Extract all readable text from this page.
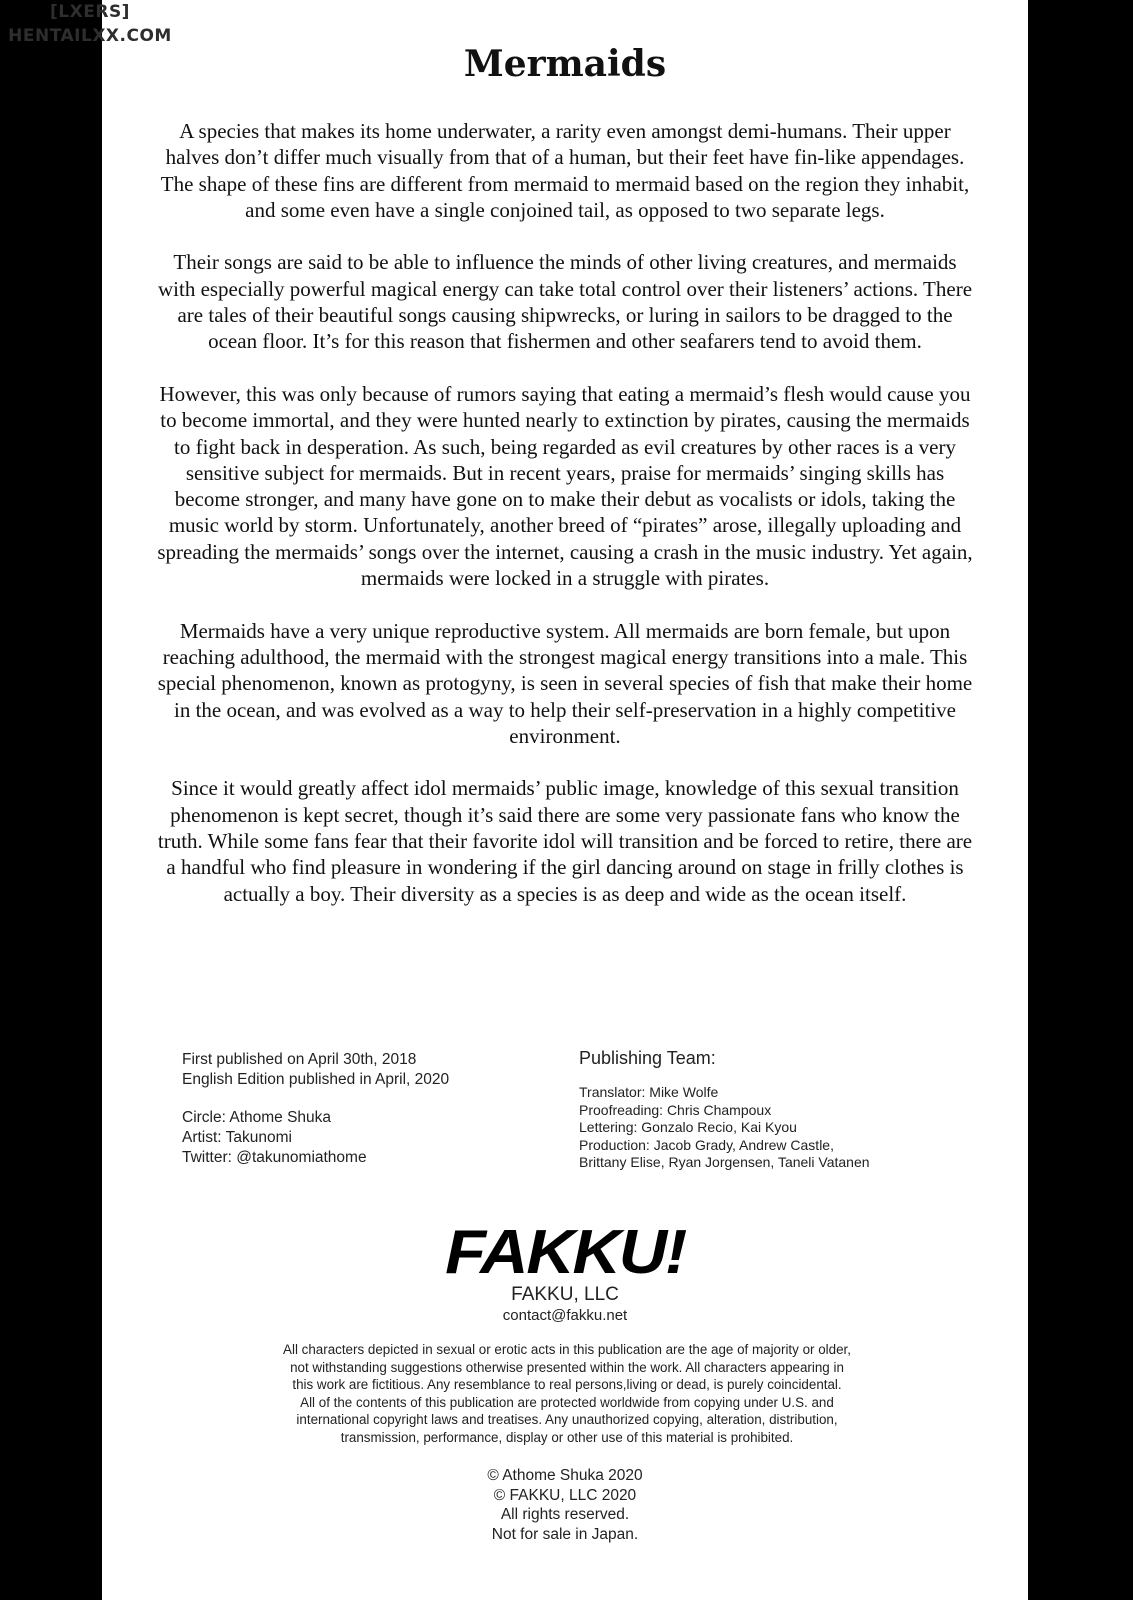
[LXERS]
HENTAILXX.COM
Mermaids

A species that makes its home underwater, a rarity even amongst demi-humans. Their upper halves don’t differ much visually from that of a human, but their feet have fin-like appendages. The shape of these fins are different from mermaid to mermaid based on the region they inhabit, and some even have a single conjoined tail, as opposed to two separate legs.

Their songs are said to be able to influence the minds of other living creatures, and mermaids with especially powerful magical energy can take total control over their listeners’ actions. There are tales of their beautiful songs causing shipwrecks, or luring in sailors to be dragged to the ocean floor. It’s for this reason that fishermen and other seafarers tend to avoid them.

However, this was only because of rumors saying that eating a mermaid’s flesh would cause you to become immortal, and they were hunted nearly to extinction by pirates, causing the mermaids to fight back in desperation. As such, being regarded as evil creatures by other races is a very sensitive subject for mermaids. But in recent years, praise for mermaids’ singing skills has become stronger, and many have gone on to make their debut as vocalists or idols, taking the music world by storm. Unfortunately, another breed of “pirates” arose, illegally uploading and spreading the mermaids’ songs over the internet, causing a crash in the music industry. Yet again, mermaids were locked in a struggle with pirates.

Mermaids have a very unique reproductive system. All mermaids are born female, but upon reaching adulthood, the mermaid with the strongest magical energy transitions into a male. This special phenomenon, known as protogyny, is seen in several species of fish that make their home in the ocean, and was evolved as a way to help their self-preservation in a highly competitive environment.

Since it would greatly affect idol mermaids’ public image, knowledge of this sexual transition phenomenon is kept secret, though it’s said there are some very passionate fans who know the truth. While some fans fear that their favorite idol will transition and be forced to retire, there are a handful who find pleasure in wondering if the girl dancing around on stage in frilly clothes is actually a boy. Their diversity as a species is as deep and wide as the ocean itself.

First published on April 30th, 2018
English Edition published in April, 2020
Circle: Athome Shuka
Artist: Takunomi
Twitter: @takunomiathome
Publishing Team:
Translator: Mike Wolfe
Proofreading: Chris Champoux
Lettering: Gonzalo Recio, Kai Kyou
Production: Jacob Grady, Andrew Castle,
Brittany Elise, Ryan Jorgensen, Taneli Vatanen
FAKKU!
FAKKU, LLC
contact@fakku.net
All characters depicted in sexual or erotic acts in this publication are the age of majority or older,
not withstanding suggestions otherwise presented within the work. All characters appearing in
this work are fictitious. Any resemblance to real persons,living or dead, is purely coincidental.
All of the contents of this publication are protected worldwide from copying under U.S. and
international copyright laws and treatises. Any unauthorized copying, alteration, distribution,
transmission, performance, display or other use of this material is prohibited.
© Athome Shuka 2020
© FAKKU, LLC 2020
All rights reserved.
Not for sale in Japan.
